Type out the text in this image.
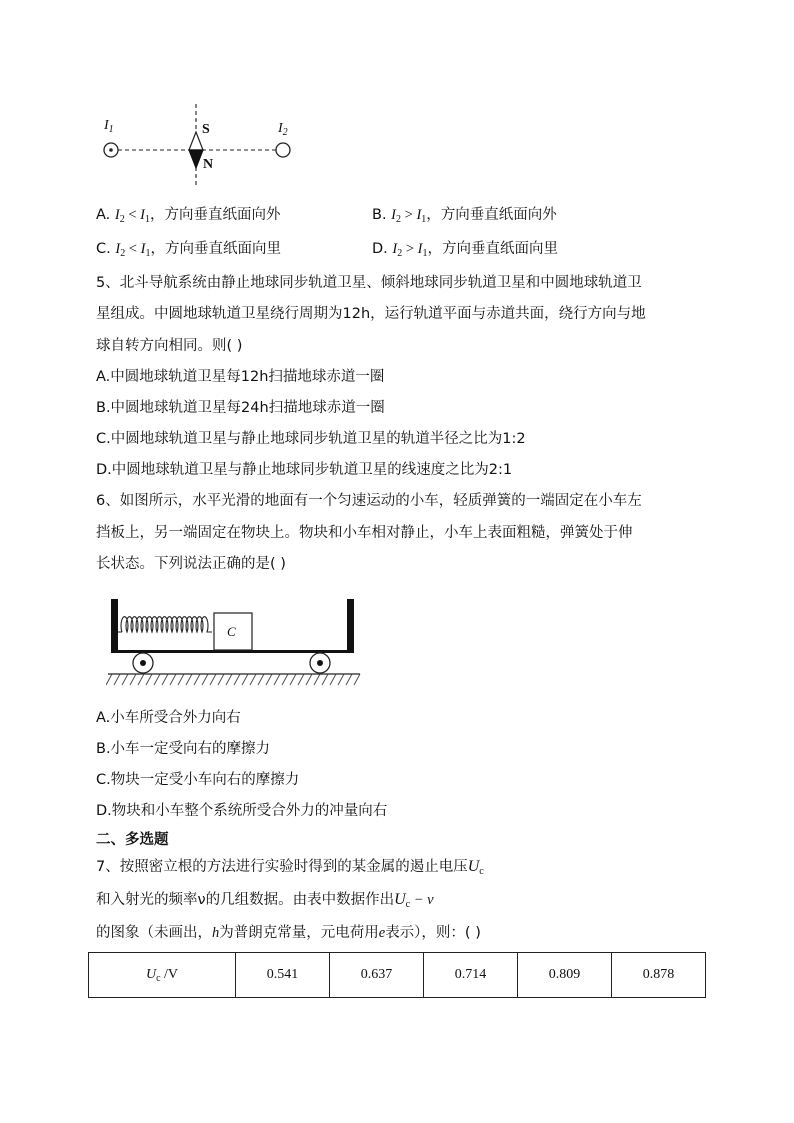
$I_1$	S
N
$I_2$
A. $I_2 < I_1$，方向垂直纸面向外	B. $I_2 > I_1$，方向垂直纸面向外
C. $I_2 < I_1$，方向垂直纸面向里	D. $I_2 > I_1$，方向垂直纸面向里
5、北斗导航系统由静止地球同步轨道卫星、倾斜地球同步轨道卫星和中圆地球轨道卫
星组成。中圆地球轨道卫星绕行周期为12h，运行轨道平面与赤道共面，绕行方向与地
球自转方向相同。则( )
A.中圆地球轨道卫星每12h扫描地球赤道一圈
B.中圆地球轨道卫星每24h扫描地球赤道一圈
C.中圆地球轨道卫星与静止地球同步轨道卫星的轨道半径之比为1:2
D.中圆地球轨道卫星与静止地球同步轨道卫星的线速度之比为2:1
6、如图所示，水平光滑的地面有一个匀速运动的小车，轻质弹簧的一端固定在小车左
挡板上，另一端固定在物块上。物块和小车相对静止，小车上表面粗糙，弹簧处于伸
长状态。下列说法正确的是( )
C
A.小车所受合外力向右
B.小车一定受向右的摩擦力
C.物块一定受小车向右的摩擦力
D.物块和小车整个系统所受合外力的冲量向右
二、多选题
7、按照密立根的方法进行实验时得到的某金属的遏止电压$U_c$
和入射光的频率ν的几组数据。由表中数据作出$U_c - \nu$
的图象（未画出，h为普朗克常量，元电荷用e表示），则：( )
$U_c$ /V	0.541	0.637	0.714	0.809	0.878
